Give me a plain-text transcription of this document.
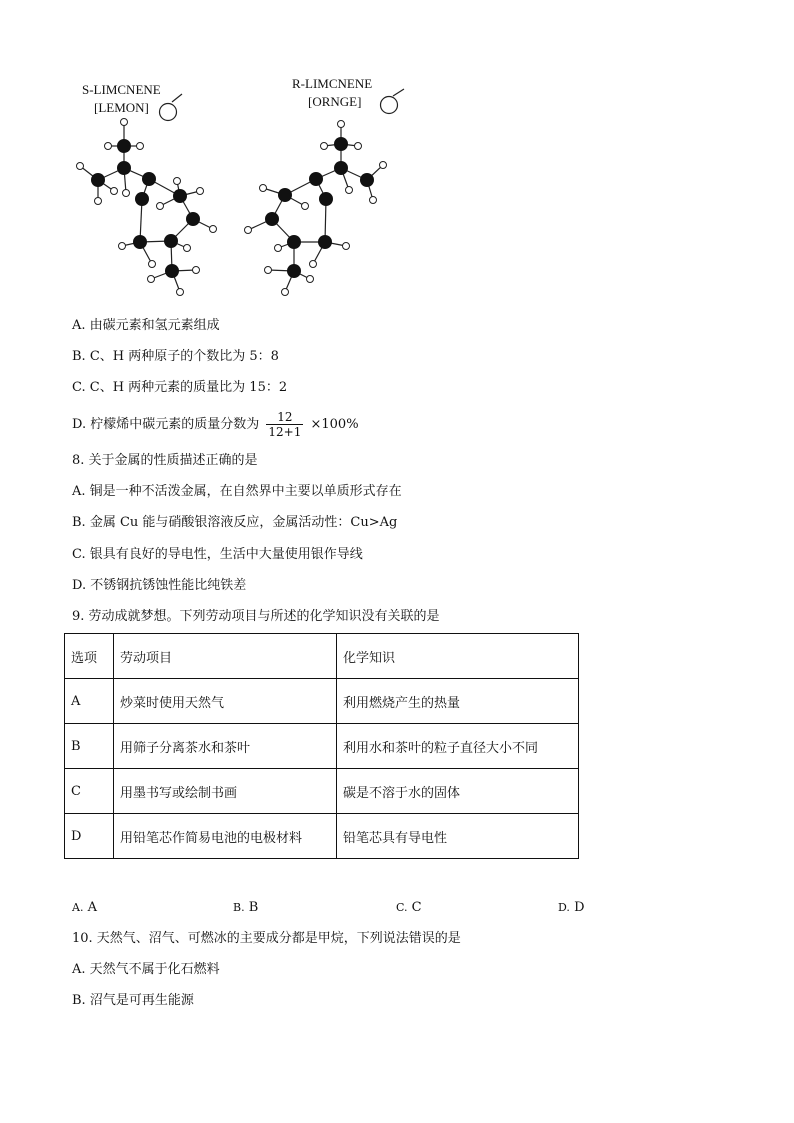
S-LIMCNENE
[LEMON]
R-LIMCNENE
[ORNGE]
A. 由碳元素和氢元素组成
B. C、H 两种原子的个数比为 5：8
C. C、H 两种元素的质量比为 15：2
D. 柠檬烯中碳元素的质量分数为 $\frac{12}{12+1} \times 100\%$
8. 关于金属的性质描述正确的是
A. 铜是一种不活泼金属，在自然界中主要以单质形式存在
B. 金属 Cu 能与硝酸银溶液反应，金属活动性：Cu>Ag
C. 银具有良好的导电性，生活中大量使用银作导线
D. 不锈钢抗锈蚀性能比纯铁差
9. 劳动成就梦想。下列劳动项目与所述的化学知识没有关联的是
选项	劳动项目	化学知识
A	炒菜时使用天然气	利用燃烧产生的热量
B	用筛子分离茶水和茶叶	利用水和茶叶的粒子直径大小不同
C	用墨书写或绘制书画	碳是不溶于水的固体
D	用铅笔芯作简易电池的电极材料	铅笔芯具有导电性
A. A	B. B	C. C	D. D
10. 天然气、沼气、可燃冰的主要成分都是甲烷，下列说法错误的是
A. 天然气不属于化石燃料
B. 沼气是可再生能源
